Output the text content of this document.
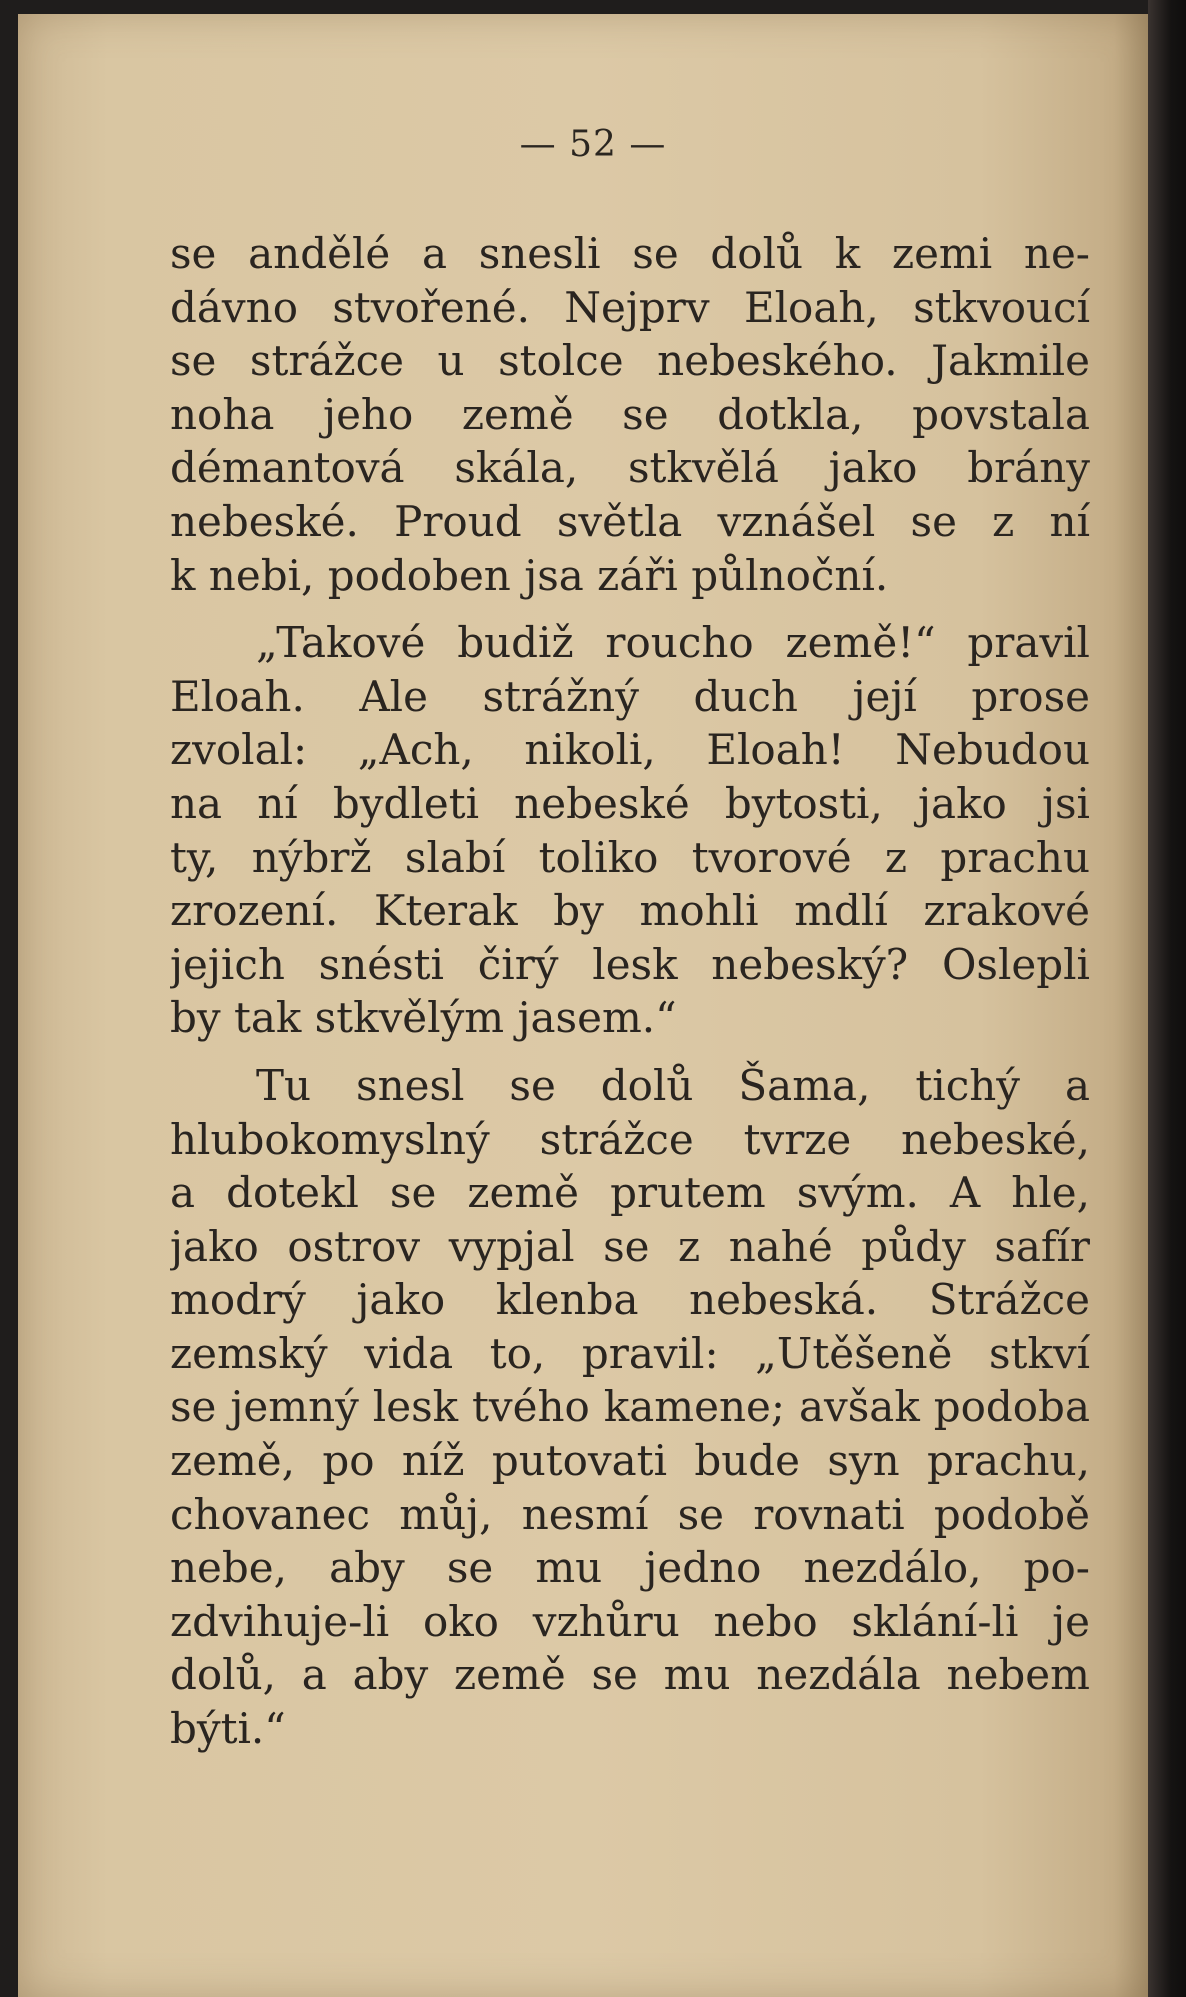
— 52 —

se andělé a snesli se dolů k zemi ne-
dávno stvořené. Nejprv Eloah, stkvoucí
se strážce u stolce nebeského. Jakmile
noha jeho země se dotkla, povstala
démantová skála, stkvělá jako brány
nebeské. Proud světla vznášel se z ní
k nebi, podoben jsa záři půlnoční.

„Takové budiž roucho země!“ pravil
Eloah. Ale strážný duch její prose
zvolal: „Ach, nikoli, Eloah! Nebudou
na ní bydleti nebeské bytosti, jako jsi
ty, nýbrž slabí toliko tvorové z prachu
zrození. Kterak by mohli mdlí zrakové
jejich snésti čirý lesk nebeský? Oslepli
by tak stkvělým jasem.“

Tu snesl se dolů Šama, tichý a
hlubokomyslný strážce tvrze nebeské,
a dotekl se země prutem svým. A hle,
jako ostrov vypjal se z nahé půdy safír
modrý jako klenba nebeská. Strážce
zemský vida to, pravil: „Utěšeně stkví
se jemný lesk tvého kamene; avšak podoba
země, po níž putovati bude syn prachu,
chovanec můj, nesmí se rovnati podobě
nebe, aby se mu jedno nezdálo, po-
zdvihuje-li oko vzhůru nebo sklání-li je
dolů, a aby země se mu nezdála nebem
býti.“
